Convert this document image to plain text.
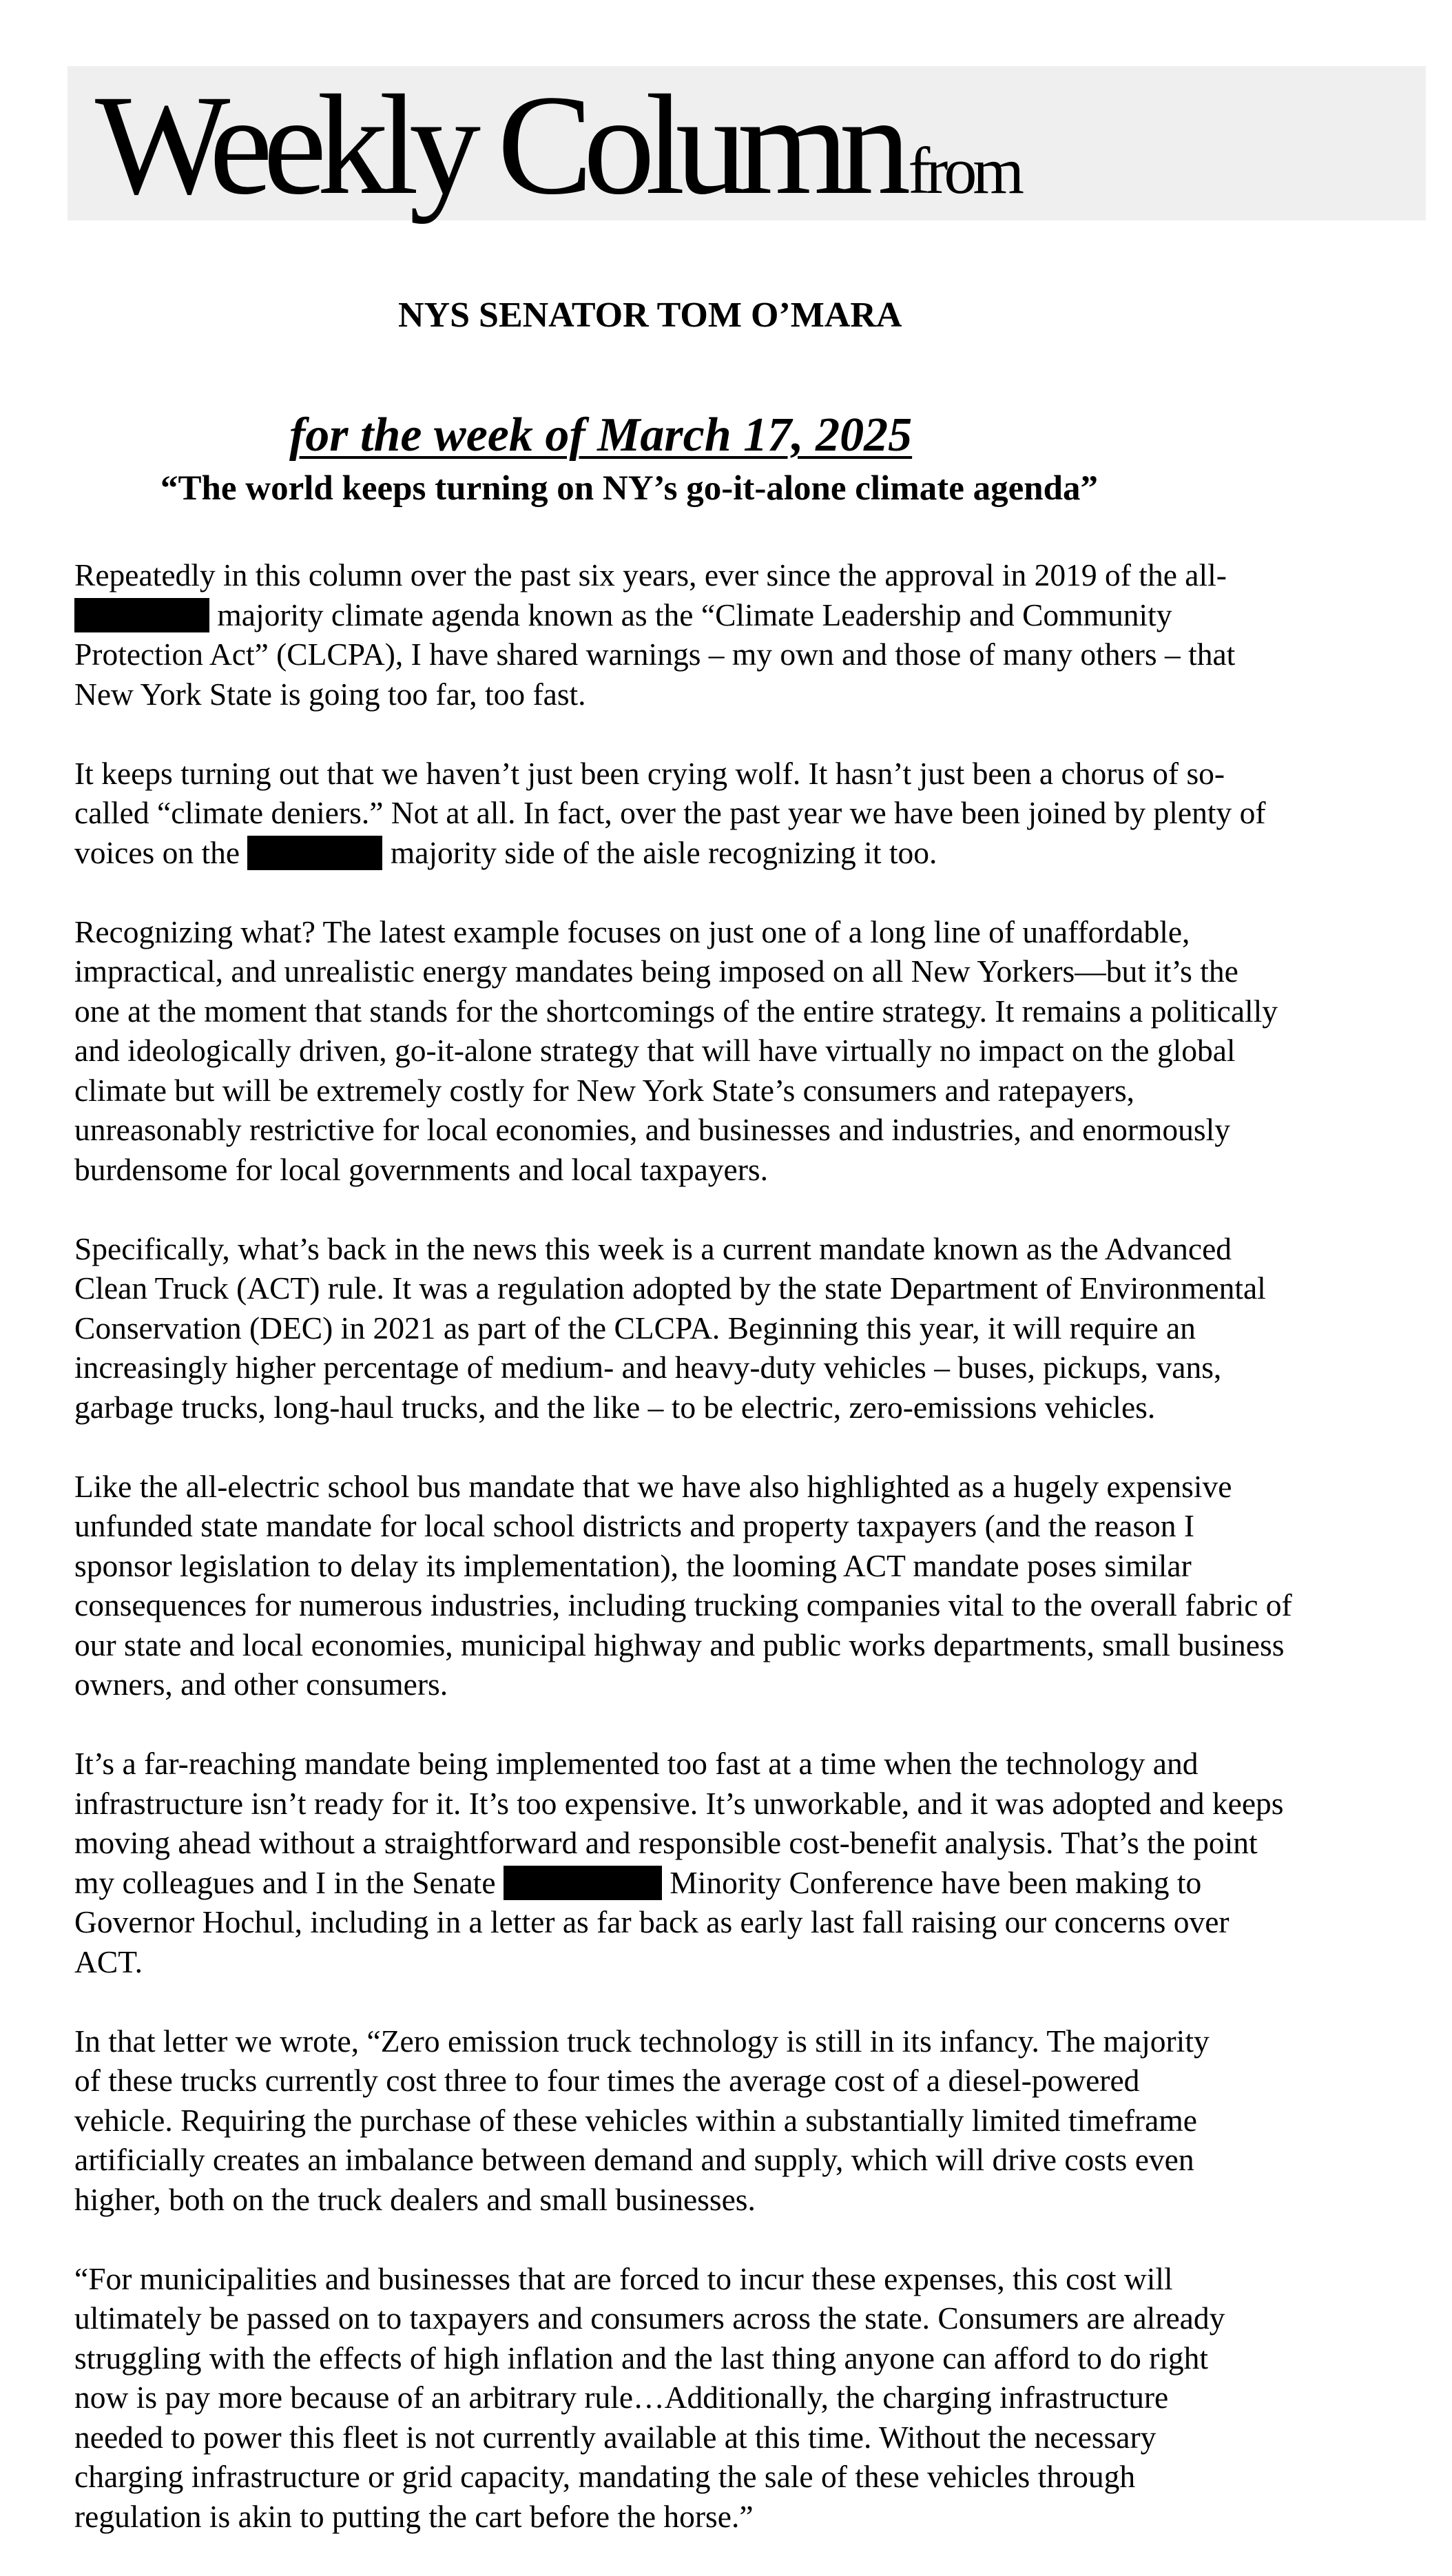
Weekly Column from
NYS SENATOR TOM O’MARA
for the week of March 17, 2025
“The world keeps turning on NY’s go-it-alone climate agenda”
Repeatedly in this column over the past six years, ever since the approval in 2019 of the all-
majority climate agenda known as the “Climate Leadership and Community
Protection Act” (CLCPA), I have shared warnings – my own and those of many others – that
New York State is going too far, too fast.
It keeps turning out that we haven’t just been crying wolf. It hasn’t just been a chorus of so-
called “climate deniers.” Not at all. In fact, over the past year we have been joined by plenty of
voices on the	majority side of the aisle recognizing it too.
Recognizing what? The latest example focuses on just one of a long line of unaffordable,
impractical, and unrealistic energy mandates being imposed on all New Yorkers—but it’s the
one at the moment that stands for the shortcomings of the entire strategy. It remains a politically
and ideologically driven, go-it-alone strategy that will have virtually no impact on the global
climate but will be extremely costly for New York State’s consumers and ratepayers,
unreasonably restrictive for local economies, and businesses and industries, and enormously
burdensome for local governments and local taxpayers.
Specifically, what’s back in the news this week is a current mandate known as the Advanced
Clean Truck (ACT) rule. It was a regulation adopted by the state Department of Environmental
Conservation (DEC) in 2021 as part of the CLCPA. Beginning this year, it will require an
increasingly higher percentage of medium- and heavy-duty vehicles – buses, pickups, vans,
garbage trucks, long-haul trucks, and the like – to be electric, zero-emissions vehicles.
Like the all-electric school bus mandate that we have also highlighted as a hugely expensive
unfunded state mandate for local school districts and property taxpayers (and the reason I
sponsor legislation to delay its implementation), the looming ACT mandate poses similar
consequences for numerous industries, including trucking companies vital to the overall fabric of
our state and local economies, municipal highway and public works departments, small business
owners, and other consumers.
It’s a far-reaching mandate being implemented too fast at a time when the technology and
infrastructure isn’t ready for it. It’s too expensive. It’s unworkable, and it was adopted and keeps
moving ahead without a straightforward and responsible cost-benefit analysis. That’s the point
my colleagues and I in the Senate	Minority Conference have been making to
Governor Hochul, including in a letter as far back as early last fall raising our concerns over
ACT.
In that letter we wrote, “Zero emission truck technology is still in its infancy. The majority
of these trucks currently cost three to four times the average cost of a diesel-powered
vehicle. Requiring the purchase of these vehicles within a substantially limited timeframe
artificially creates an imbalance between demand and supply, which will drive costs even
higher, both on the truck dealers and small businesses.
“For municipalities and businesses that are forced to incur these expenses, this cost will
ultimately be passed on to taxpayers and consumers across the state. Consumers are already
struggling with the effects of high inflation and the last thing anyone can afford to do right
now is pay more because of an arbitrary rule…Additionally, the charging infrastructure
needed to power this fleet is not currently available at this time. Without the necessary
charging infrastructure or grid capacity, mandating the sale of these vehicles through
regulation is akin to putting the cart before the horse.”
